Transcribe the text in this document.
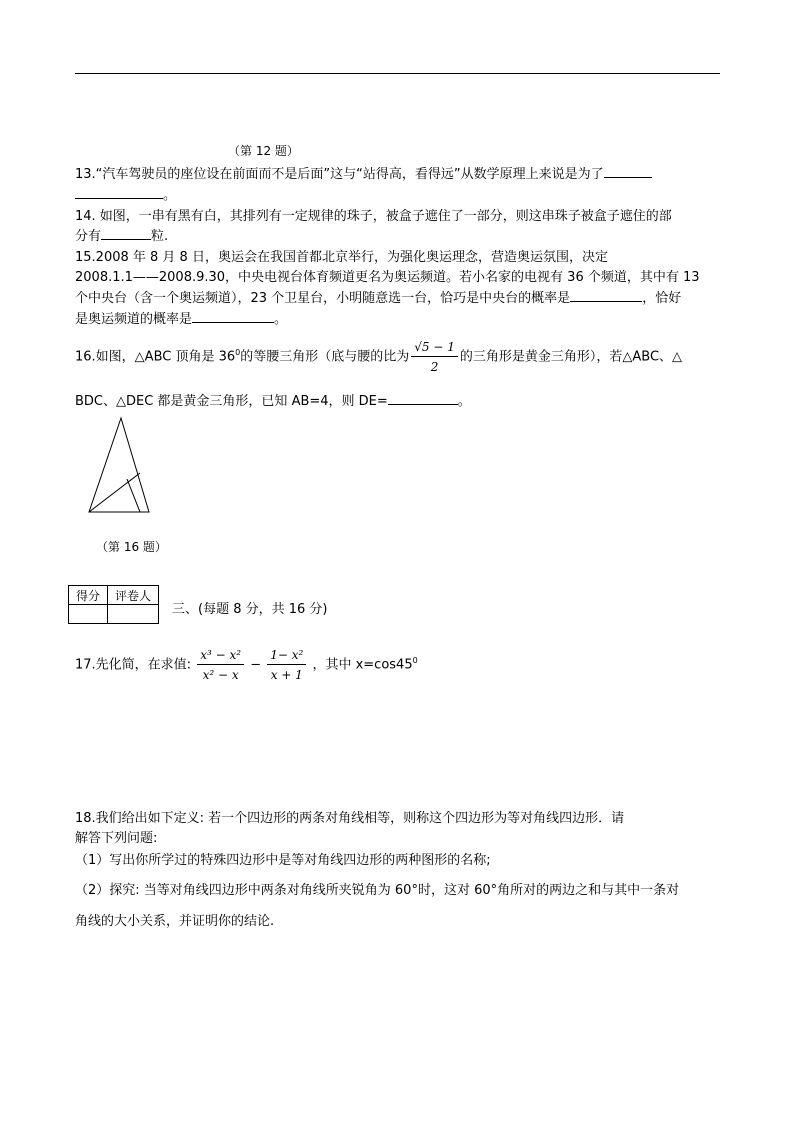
（第 12 题）
13.“汽车驾驶员的座位设在前面而不是后面”这与“站得高，看得远”从数学原理上来说是为了
。
14. 如图，一串有黑有白，其排列有一定规律的珠子，被盒子遮住了一部分，则这串珠子被盒子遮住的部
分有	粒.
15.2008 年 8 月 8 日，奥运会在我国首都北京举行，为强化奥运理念，营造奥运氛围，决定
2008.1.1——2008.9.30，中央电视台体育频道更名为奥运频道。若小名家的电视有 36 个频道，其中有 13
个中央台（含一个奥运频道），23 个卫星台，小明随意选一台，恰巧是中央台的概率是	，恰好
是奥运频道的概率是	。
16.如图，△ABC 顶角是 $36^0$的等腰三角形（底与腰的比为 $\frac{√5 - 1}{2}$ 的三角形是黄金三角形），若△ABC、△
BDC、△DEC 都是黄金三角形，已知 AB=4，则 DE=	。
（第 16 题）
得分	评卷人

三、(每题 8 分，共 16 分)
17.先化简，在求值: $\frac{\text{x³ − x²}}{\text{x² − x}} - \frac{\text{1− x²}}{x + 1}$ ，其中 $x=\cos 45^0$
18.我们给出如下定义: 若一个四边形的两条对角线相等，则称这个四边形为等对角线四边形．请
解答下列问题:
（1）写出你所学过的特殊四边形中是等对角线四边形的两种图形的名称;
（2）探究: 当等对角线四边形中两条对角线所夹锐角为 60°时，这对 60°角所对的两边之和与其中一条对
角线的大小关系，并证明你的结论.
